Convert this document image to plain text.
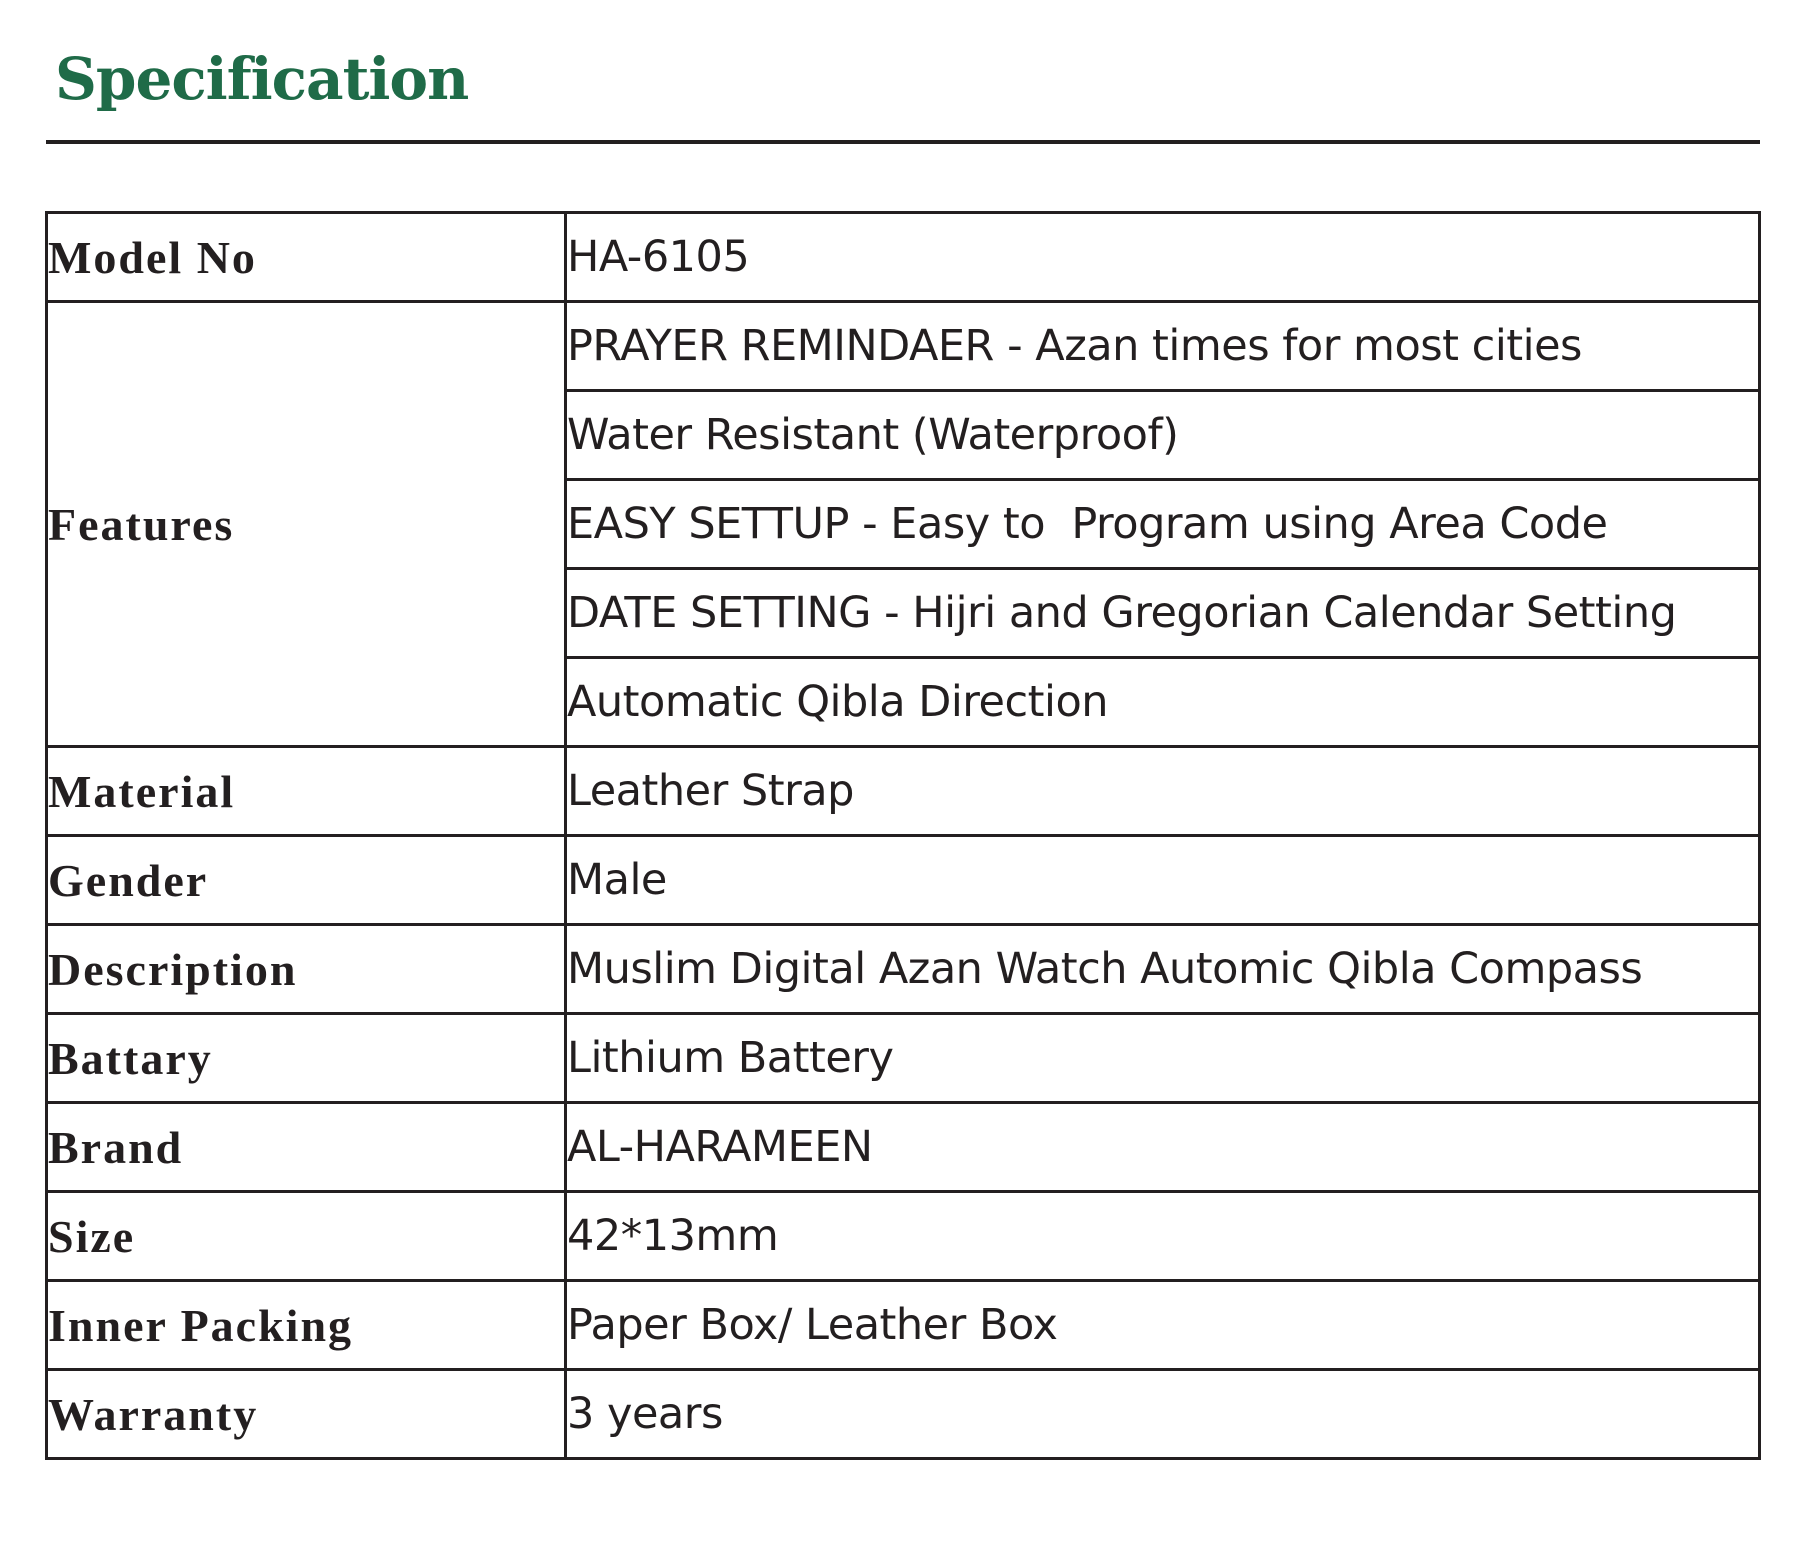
Specification
Model No	HA-6105
Features	PRAYER REMINDAER - Azan times for most cities
	Water Resistant (Waterproof)
	EASY SETTUP - Easy to  Program using Area Code
	DATE SETTING - Hijri and Gregorian Calendar Setting
	Automatic Qibla Direction
Material	Leather Strap
Gender	Male
Description	Muslim Digital Azan Watch Automic Qibla Compass
Battary	Lithium Battery
Brand	AL-HARAMEEN
Size	42*13mm
Inner Packing	Paper Box/ Leather Box
Warranty	3 years
